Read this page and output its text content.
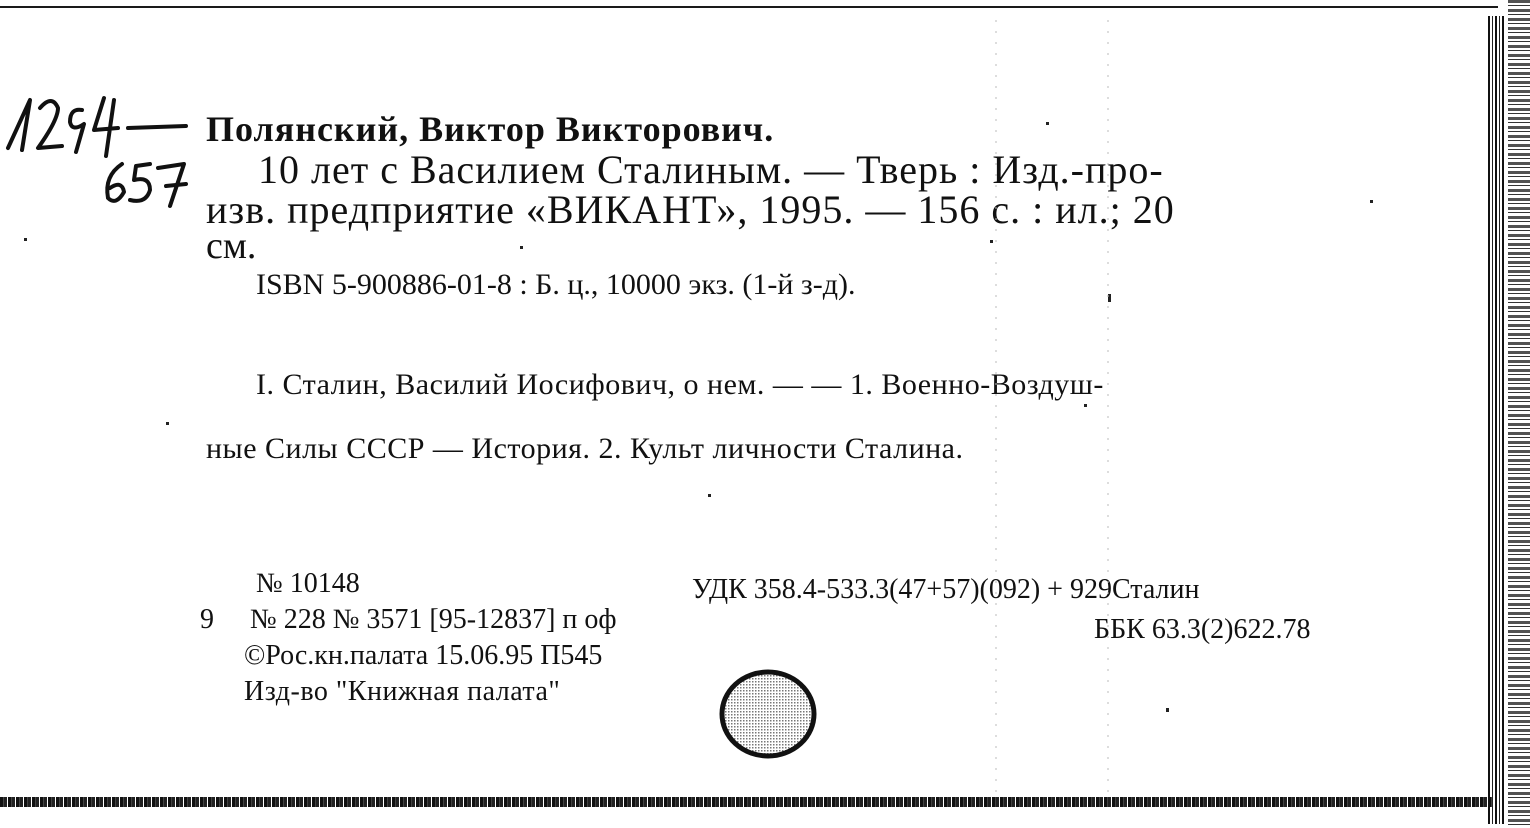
Полянский, Виктор Викторович.
10 лет с Василием Сталиным. — Тверь : Изд.-про-
изв. предприятие «ВИКАНТ», 1995. — 156 с. : ил.; 20
см.
ISBN 5-900886-01-8 : Б. ц., 10000 экз. (1-й з-д).
I. Сталин, Василий Иосифович, о нем. — — 1. Военно-Воздуш-
ные Силы СССР — История. 2. Культ личности Сталина.
№ 10148	УДК 358.4-533.3(47+57)(092) + 929Сталин
9 № 228 № 3571 [95-12837] п оф	ББК 63.3(2)622.78
©Рос.кн.палата 15.06.95 П545
Изд-во "Книжная палата"
